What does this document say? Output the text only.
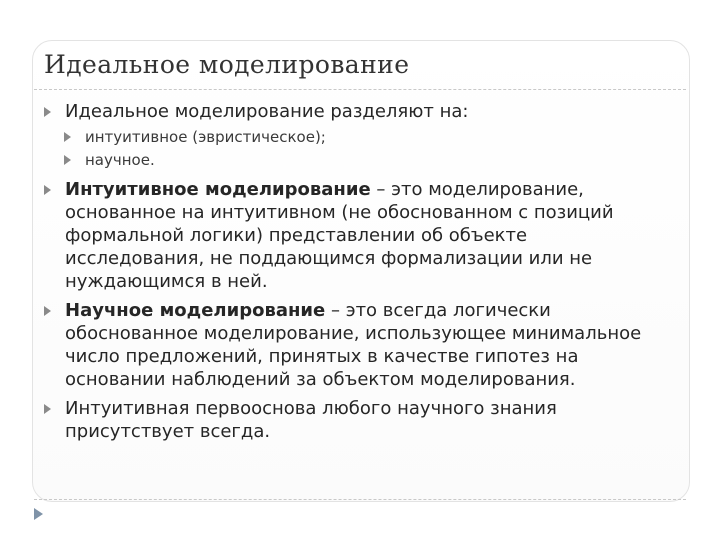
Идеальное моделирование
Идеальное моделирование разделяют на:
интуитивное (эвристическое);
научное.
Интуитивное моделирование – это моделирование, основанное на интуитивном (не обоснованном с позиций формальной логики) представлении об объекте исследования, не поддающимся формализации или не нуждающимся в ней.
Научное моделирование – это всегда логически обоснованное моделирование, использующее минимальное число предложений, принятых в качестве гипотез на основании наблюдений за объектом моделирования.
Интуитивная первооснова любого научного знания присутствует всегда.
